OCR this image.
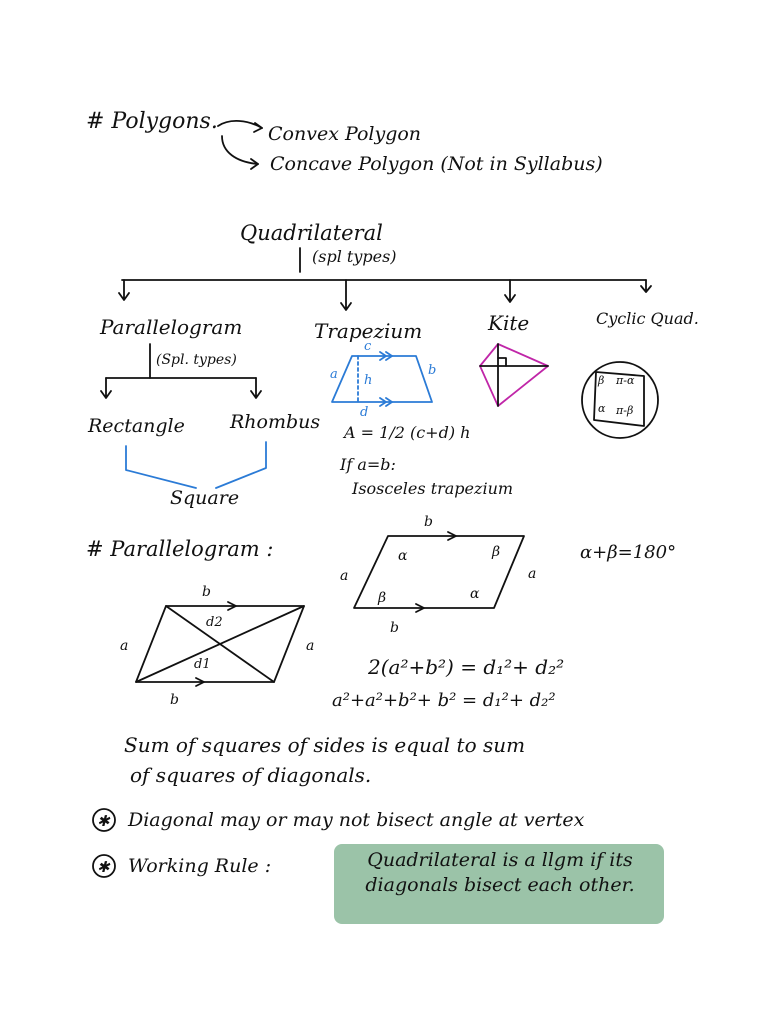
# Polygons.	Convex Polygon
Concave Polygon (Not in Syllabus)
Quadrilateral
(spl types)
Parallelogram	Trapezium	Kite	Cyclic Quad.
(Spl. types)
Rectangle Rhombus
Square
c
d
a	b
h
A = 1/2 (c+d) h
If a=b:
Isosceles trapezium
β π-α
α π-β
# Parallelogram :
b
b
a	a
α	β
β	α
α+β=180°
b
b
a	a
d2
d1	2(a²+b²) = d₁²+ d₂²
a²+a²+b²+ b² = d₁²+ d₂²
Sum of squares of sides is equal to sum
of squares of diagonals.
✱ Diagonal may or may not bisect angle at vertex
✱ Working Rule :	Quadrilateral is a llgm if its diagonals bisect each other.
